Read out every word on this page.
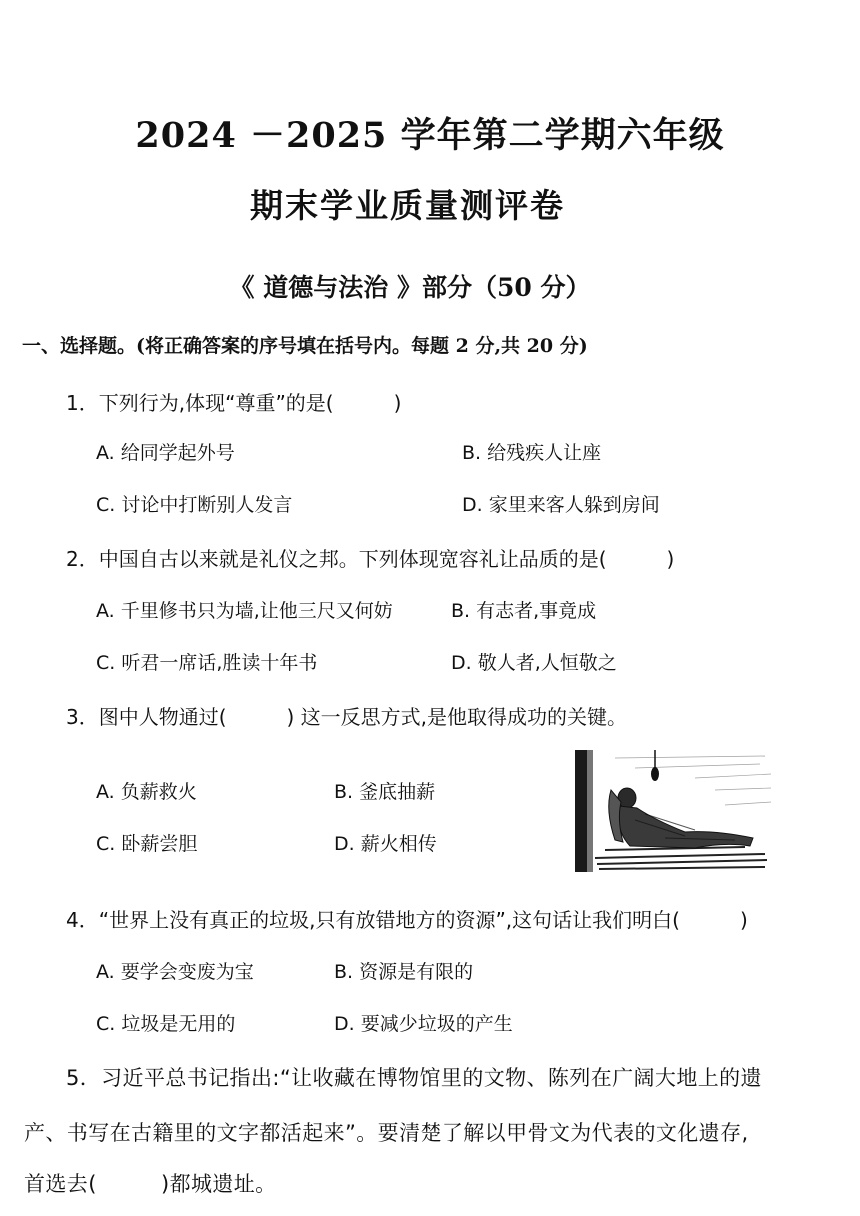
2024 －2025 学年第二学期六年级
期末学业质量测评卷
《 道德与法治 》部分（50 分）
一、选择题。(将正确答案的序号填在括号内。每题 2 分,共 20 分)
1．下列行为,体现“尊重”的是(　　　)
A. 给同学起外号	B. 给残疾人让座
C. 讨论中打断别人发言	D. 家里来客人躲到房间
2．中国自古以来就是礼仪之邦。下列体现宽容礼让品质的是(　　　)
A. 千里修书只为墙,让他三尺又何妨	B. 有志者,事竟成
C. 听君一席话,胜读十年书	D. 敬人者,人恒敬之
3．图中人物通过(　　　) 这一反思方式,是他取得成功的关键。
A. 负薪救火	B. 釜底抽薪
C. 卧薪尝胆	D. 薪火相传
4．“世界上没有真正的垃圾,只有放错地方的资源”,这句话让我们明白(　　　)
A. 要学会变废为宝	B. 资源是有限的
C. 垃圾是无用的	D. 要减少垃圾的产生
5．习近平总书记指出:“让收藏在博物馆里的文物、陈列在广阔大地上的遗
产、书写在古籍里的文字都活起来”。要清楚了解以甲骨文为代表的文化遗存,
首选去(　　　)都城遗址。
